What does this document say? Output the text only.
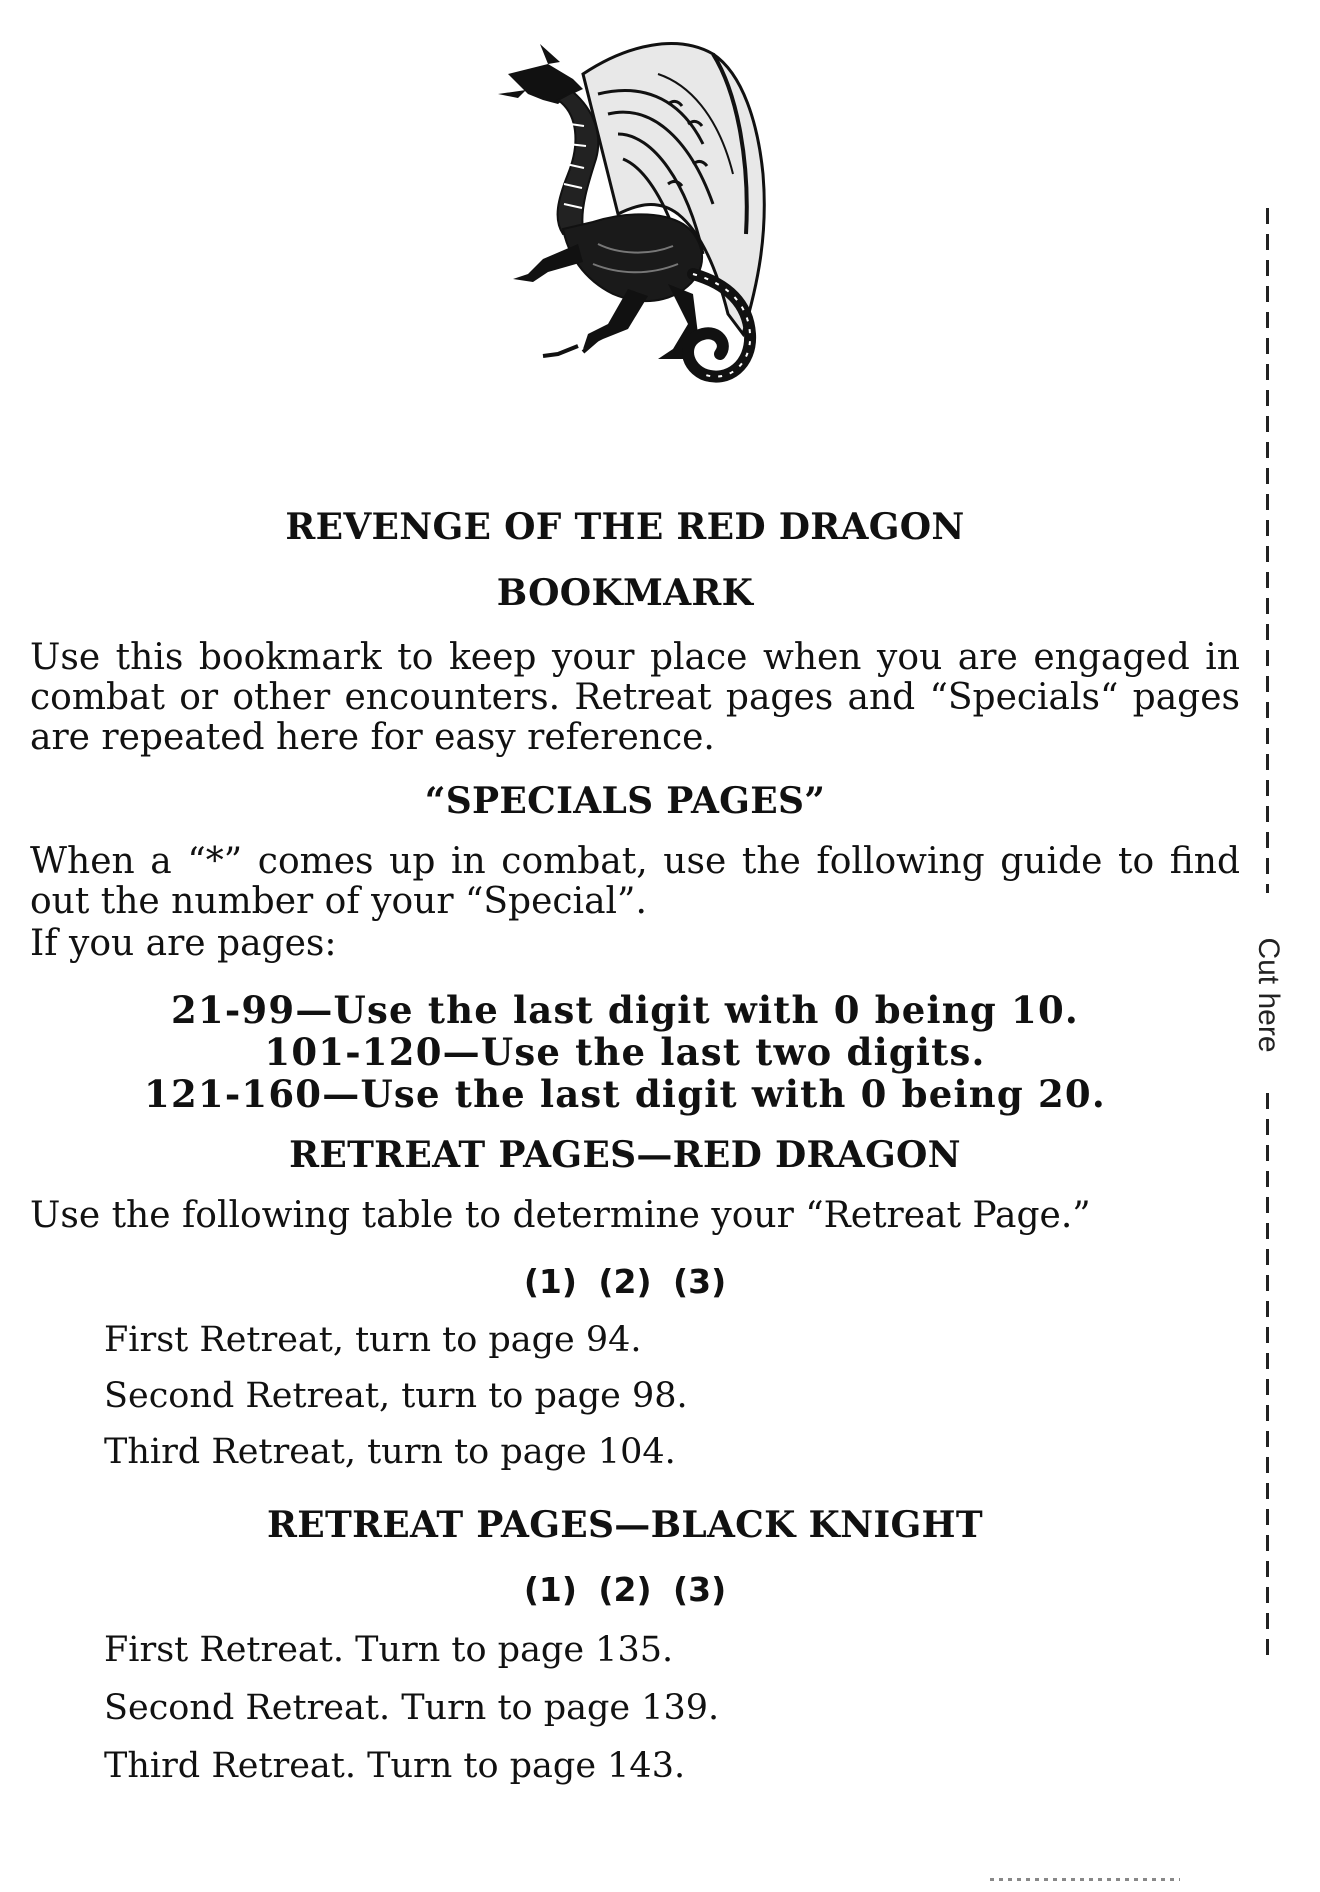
Cut here
REVENGE OF THE RED DRAGON
BOOKMARK

Use this bookmark to keep your place when you are engaged in combat or other encounters. Retreat pages and “Specials“ pages are repeated here for easy reference.

“SPECIALS PAGES”

When a “*” comes up in combat, use the following guide to find out the number of your “Special”.

If you are pages:

21-99—Use the last digit with 0 being 10.

101-120—Use the last two digits.

121-160—Use the last digit with 0 being 20.

RETREAT PAGES—RED DRAGON

Use the following table to determine your “Retreat Page.”

(1) (2) (3)

First Retreat, turn to page 94.

Second Retreat, turn to page 98.

Third Retreat, turn to page 104.

RETREAT PAGES—BLACK KNIGHT

(1) (2) (3)

First Retreat. Turn to page 135.

Second Retreat. Turn to page 139.

Third Retreat. Turn to page 143.
